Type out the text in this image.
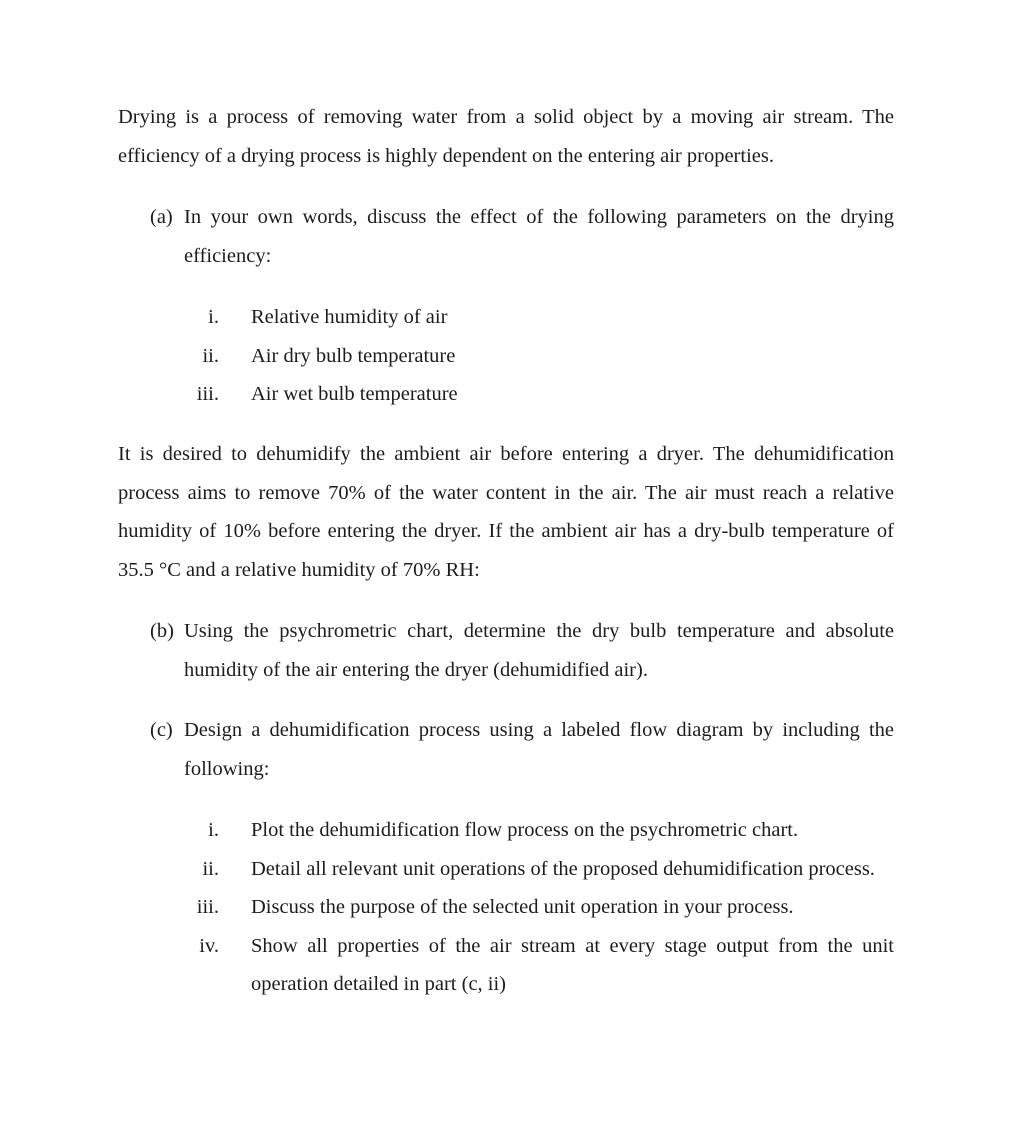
Drying is a process of removing water from a solid object by a moving air stream. The efficiency of a drying process is highly dependent on the entering air properties.

(a) In your own words, discuss the effect of the following parameters on the drying efficiency:
i. Relative humidity of air
ii. Air dry bulb temperature
iii. Air wet bulb temperature

It is desired to dehumidify the ambient air before entering a dryer. The dehumidification process aims to remove 70% of the water content in the air. The air must reach a relative humidity of 10% before entering the dryer. If the ambient air has a dry-bulb temperature of 35.5 °C and a relative humidity of 70% RH:

(b) Using the psychrometric chart, determine the dry bulb temperature and absolute humidity of the air entering the dryer (dehumidified air).
(c) Design a dehumidification process using a labeled flow diagram by including the following:
i. Plot the dehumidification flow process on the psychrometric chart.
ii. Detail all relevant unit operations of the proposed dehumidification process.
iii. Discuss the purpose of the selected unit operation in your process.
iv. Show all properties of the air stream at every stage output from the unit operation detailed in part (c, ii)
